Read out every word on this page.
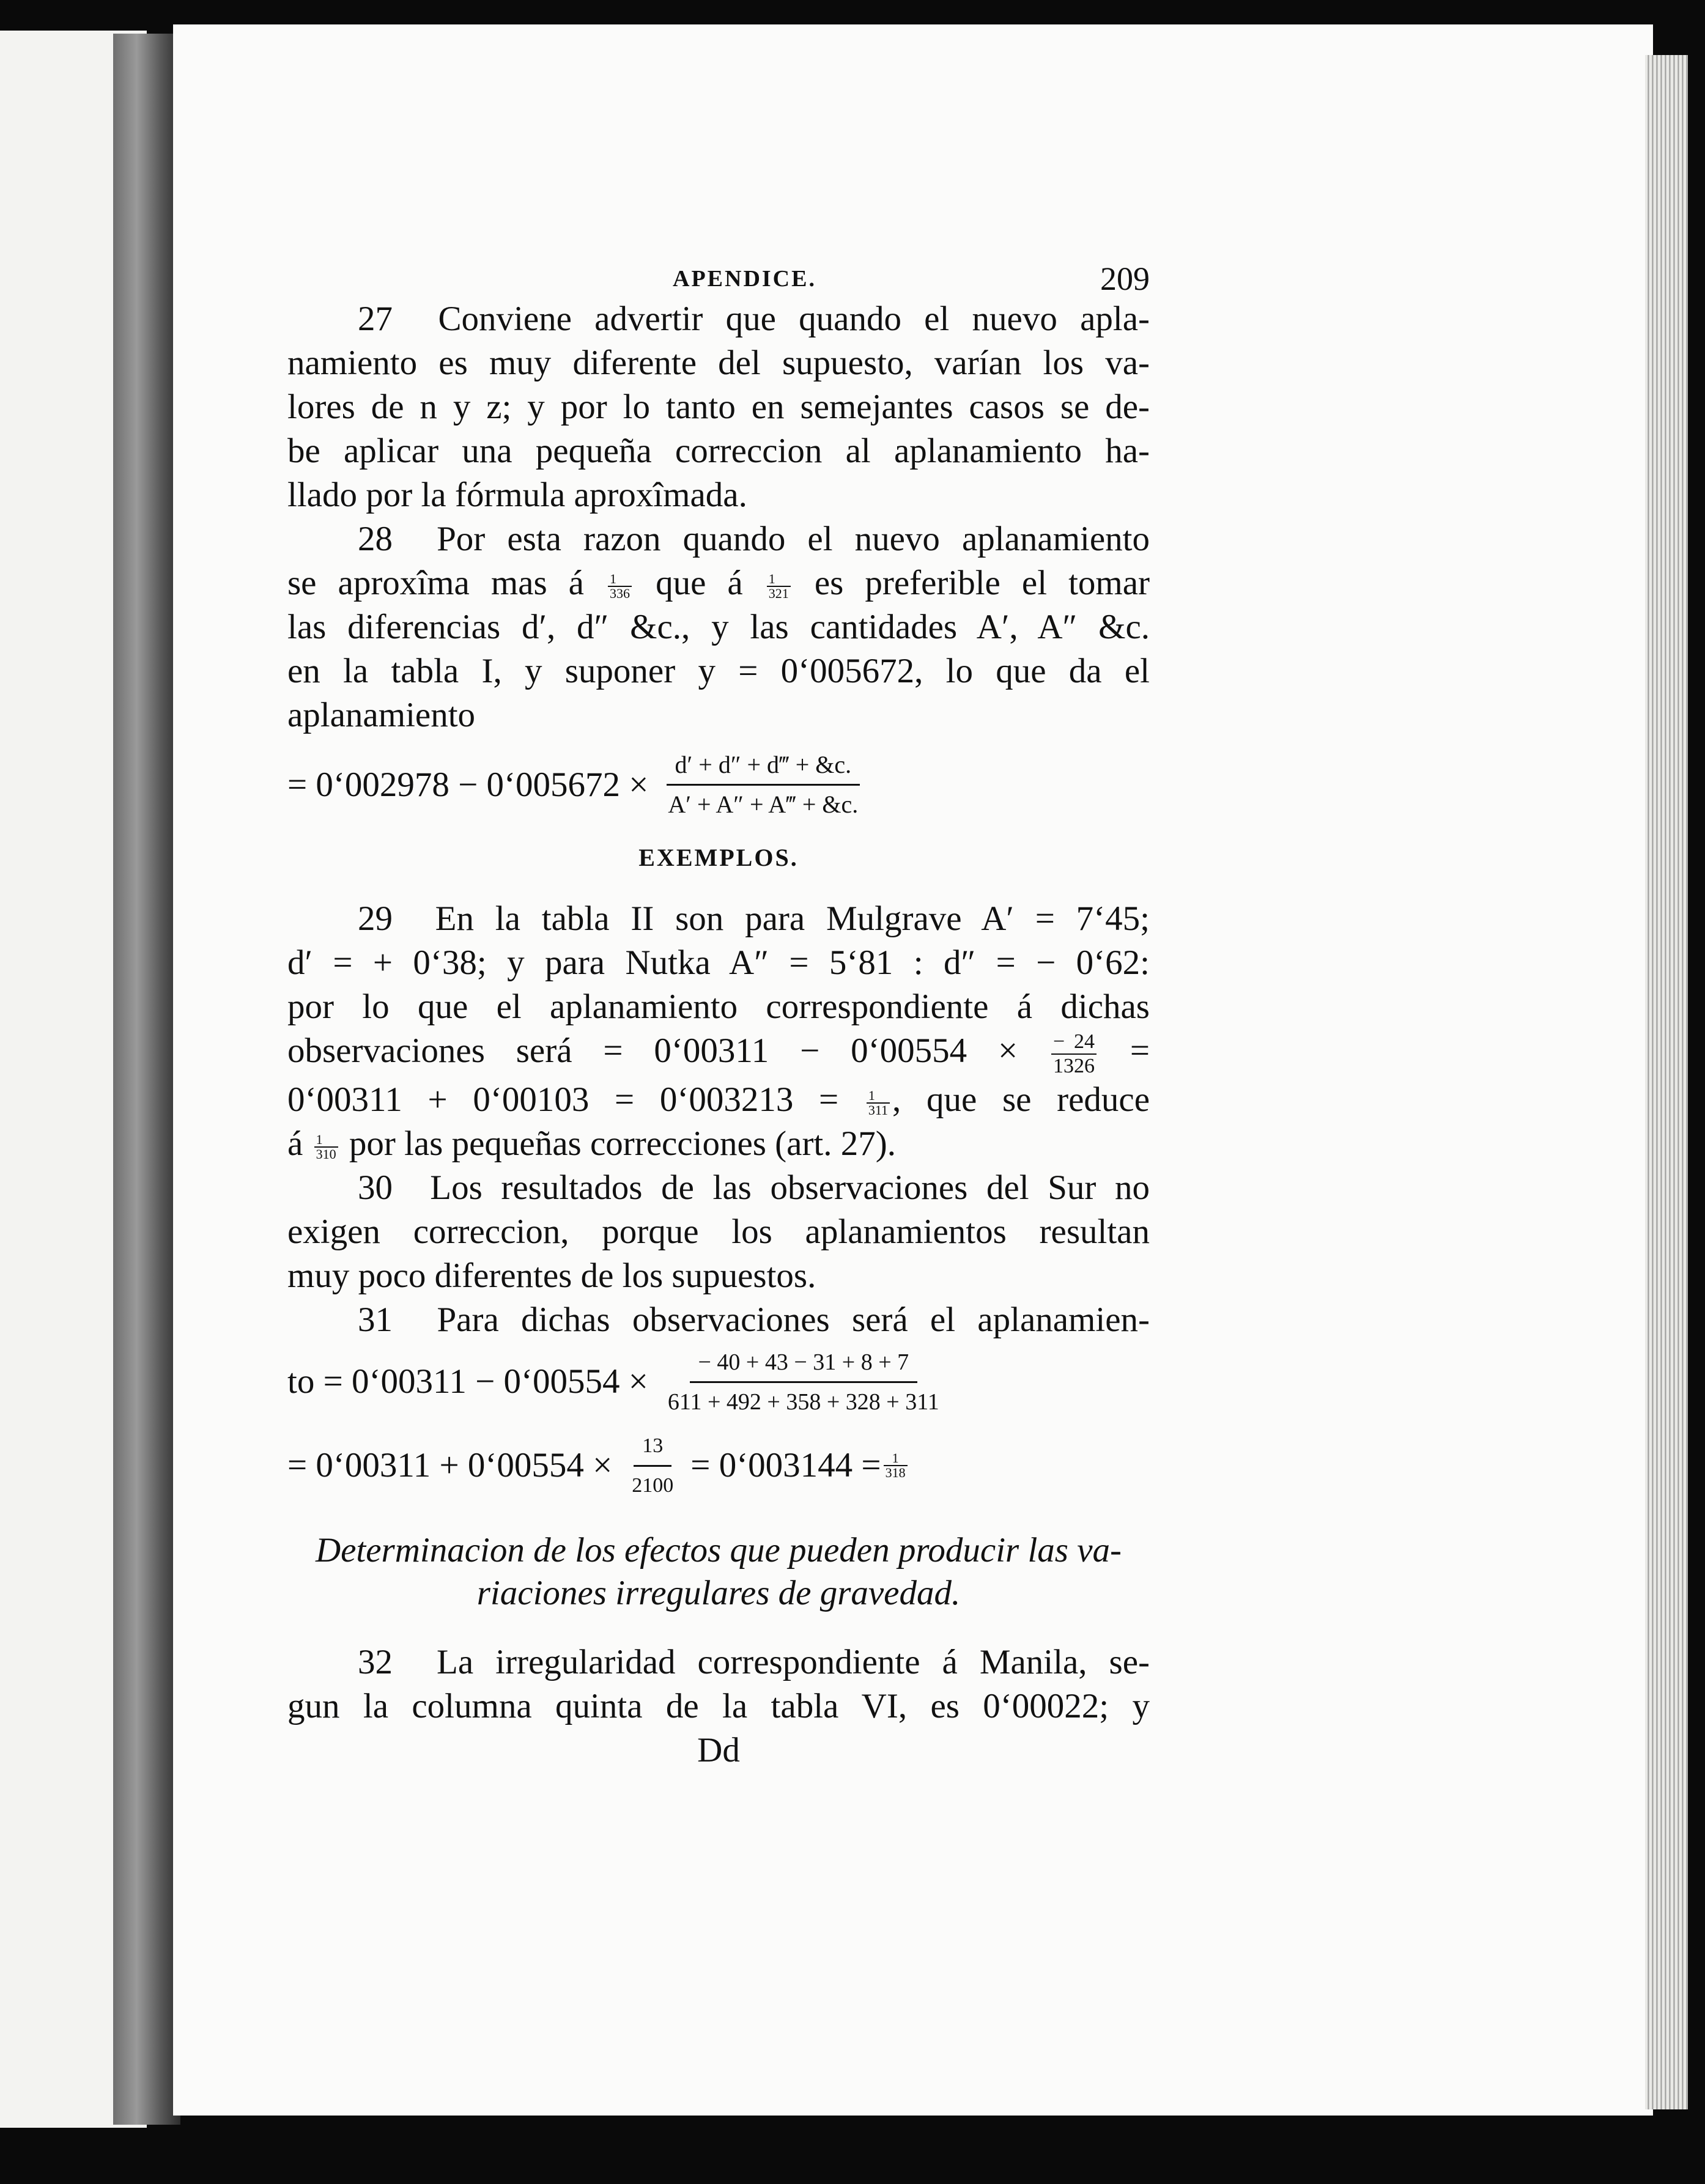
APENDICE.	209
27 Conviene advertir que quando el nuevo apla-
namiento es muy diferente del supuesto, varían los va-
lores de n y z; y por lo tanto en semejantes casos se de-
be aplicar una pequeña correccion al aplanamiento ha-
llado por la fórmula aproxîmada.
28 Por esta razon quando el nuevo aplanamiento
se aproxîma mas á $\frac{1}{336}$ que á $\frac{1}{321}$ es preferible el tomar
las diferencias d′, d″ &c., y las cantidades A′, A″ &c.
en la tabla I, y suponer y = 0‘005672, lo que da el
aplanamiento
= 0‘002978 − 0‘005672 × $\frac{d' + d'' + d‴ + \&c.}{A' + A'' + A‴ + \&c.}$
EXEMPLOS.
29 En la tabla II son para Mulgrave A′ = 7‘45;
d′ = + 0‘38; y para Nutka A″ = 5‘81 : d″ = − 0‘62:
por lo que el aplanamiento correspondiente á dichas
observaciones será = 0‘00311 − 0‘00554 × $\frac{- 24}{1326}$ =
0‘00311 + 0‘00103 = 0‘003213 = $\frac{1}{311}$ , que se reduce
á $\frac{1}{310}$ por las pequeñas correcciones (art. 27).
30 Los resultados de las observaciones del Sur no
exigen correccion, porque los aplanamientos resultan
muy poco diferentes de los supuestos.
31 Para dichas observaciones será el aplanamien-
to = 0‘00311 − 0‘00554 × $\frac{- 40 + 43 - 31 + 8 + 7}{611 + 492 + 358 + 328 + 311}$
= 0‘00311 + 0‘00554 × $\frac{13}{2100}$ = 0‘003144 = $\frac{1}{318}$
Determinacion de los efectos que pueden producir las va-
riaciones irregulares de gravedad.
32 La irregularidad correspondiente á Manila, se-
gun la columna quinta de la tabla VI, es 0‘00022; y
Dd
